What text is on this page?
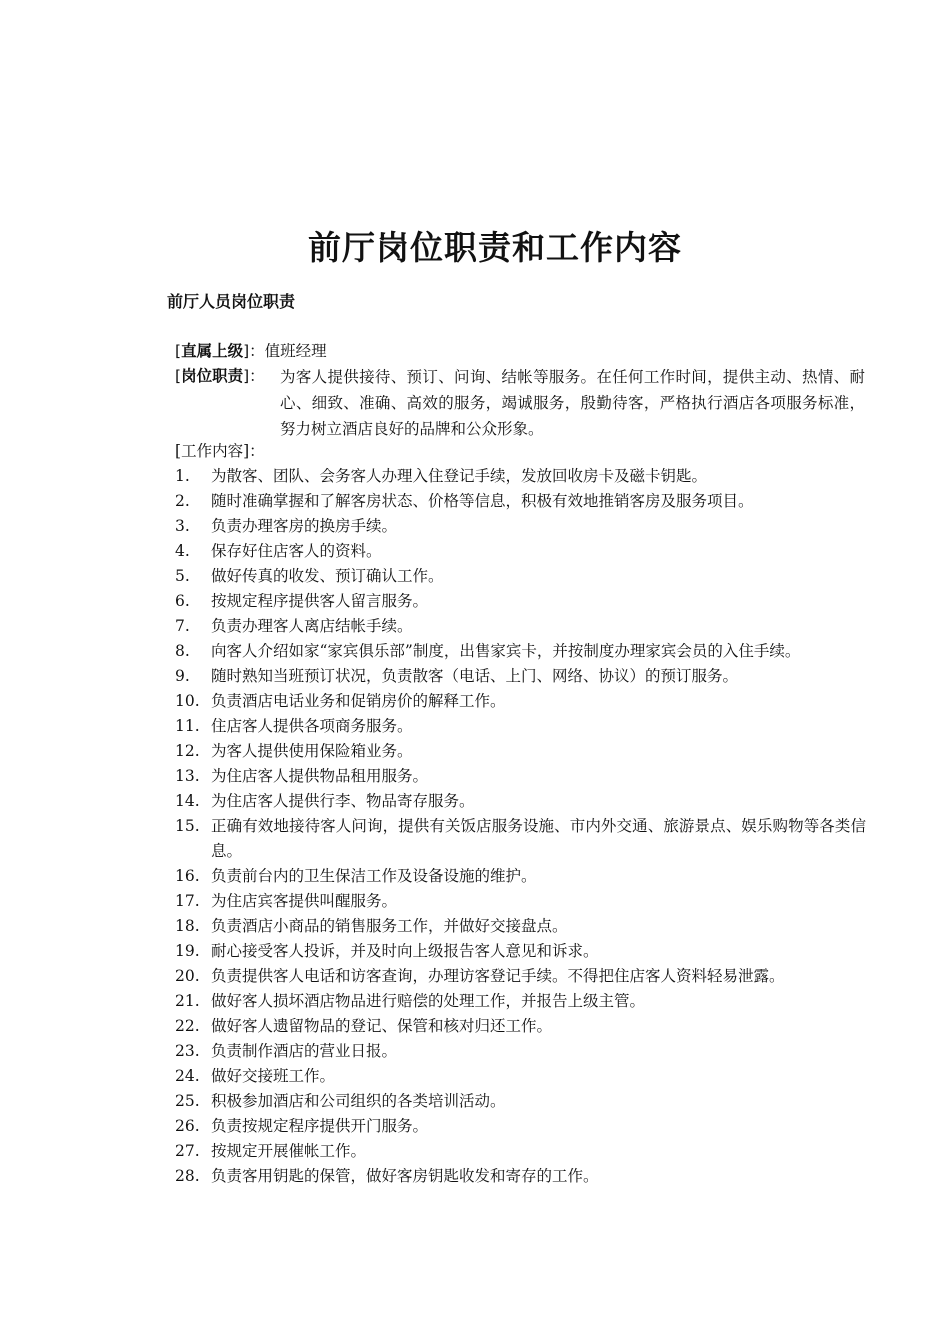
前厅岗位职责和工作内容
前厅人员岗位职责
[直属上级]：值班经理
[岗位职责]： 为客人提供接待、预订、问询、结帐等服务。在任何工作时间，提供主动、热情、耐心、细致、准确、高效的服务，竭诚服务，殷勤待客，严格执行酒店各项服务标准，努力树立酒店良好的品牌和公众形象。
[工作内容]：
1.	为散客、团队、会务客人办理入住登记手续，发放回收房卡及磁卡钥匙。
2.	随时准确掌握和了解客房状态、价格等信息，积极有效地推销客房及服务项目。
3.	负责办理客房的换房手续。
4.	保存好住店客人的资料。
5.	做好传真的收发、预订确认工作。
6.	按规定程序提供客人留言服务。
7.	负责办理客人离店结帐手续。
8.	向客人介绍如家“家宾俱乐部”制度，出售家宾卡，并按制度办理家宾会员的入住手续。
9.	随时熟知当班预订状况，负责散客（电话、上门、网络、协议）的预订服务。
10. 负责酒店电话业务和促销房价的解释工作。
11. 住店客人提供各项商务服务。
12. 为客人提供使用保险箱业务。
13. 为住店客人提供物品租用服务。
14. 为住店客人提供行李、物品寄存服务。
15. 正确有效地接待客人问询，提供有关饭店服务设施、市内外交通、旅游景点、娱乐购物等各类信息。
16. 负责前台内的卫生保洁工作及设备设施的维护。
17. 为住店宾客提供叫醒服务。
18. 负责酒店小商品的销售服务工作，并做好交接盘点。
19. 耐心接受客人投诉，并及时向上级报告客人意见和诉求。
20. 负责提供客人电话和访客查询，办理访客登记手续。不得把住店客人资料轻易泄露。
21. 做好客人损坏酒店物品进行赔偿的处理工作，并报告上级主管。
22. 做好客人遗留物品的登记、保管和核对归还工作。
23. 负责制作酒店的营业日报。
24. 做好交接班工作。
25. 积极参加酒店和公司组织的各类培训活动。
26. 负责按规定程序提供开门服务。
27. 按规定开展催帐工作。
28. 负责客用钥匙的保管，做好客房钥匙收发和寄存的工作。
